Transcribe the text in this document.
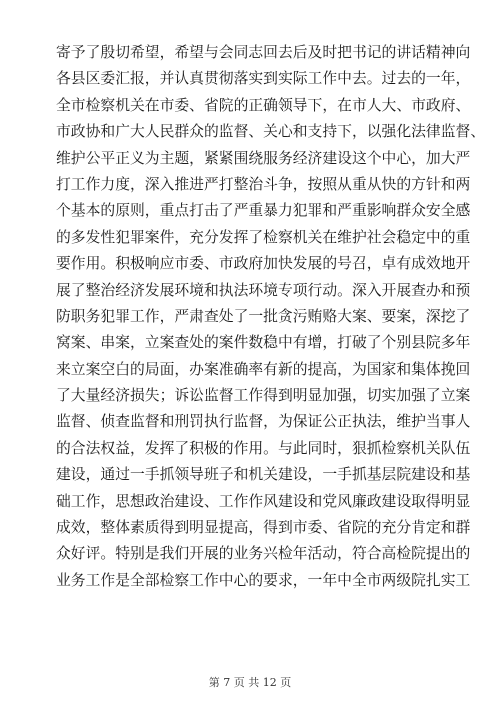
寄予了殷切希望，希望与会同志回去后及时把书记的讲话精神向
各县区委汇报，并认真贯彻落实到实际工作中去。过去的一年，
全市检察机关在市委、省院的正确领导下，在市人大、市政府、
市政协和广大人民群众的监督、关心和支持下，以强化法律监督、
维护公平正义为主题，紧紧围绕服务经济建设这个中心，加大严
打工作力度，深入推进严打整治斗争，按照从重从快的方针和两
个基本的原则，重点打击了严重暴力犯罪和严重影响群众安全感
的多发性犯罪案件，充分发挥了检察机关在维护社会稳定中的重
要作用。积极响应市委、市政府加快发展的号召，卓有成效地开
展了整治经济发展环境和执法环境专项行动。深入开展查办和预
防职务犯罪工作，严肃查处了一批贪污贿赂大案、要案，深挖了
窝案、串案，立案查处的案件数稳中有增，打破了个别县院多年
来立案空白的局面，办案准确率有新的提高，为国家和集体挽回
了大量经济损失；诉讼监督工作得到明显加强，切实加强了立案
监督、侦查监督和刑罚执行监督，为保证公正执法，维护当事人
的合法权益，发挥了积极的作用。与此同时，狠抓检察机关队伍
建设，通过一手抓领导班子和机关建设，一手抓基层院建设和基
础工作，思想政治建设、工作作风建设和党风廉政建设取得明显
成效，整体素质得到明显提高，得到市委、省院的充分肯定和群
众好评。特别是我们开展的业务兴检年活动，符合高检院提出的
业务工作是全部检察工作中心的要求，一年中全市两级院扎实工
第 7 页 共 12 页
